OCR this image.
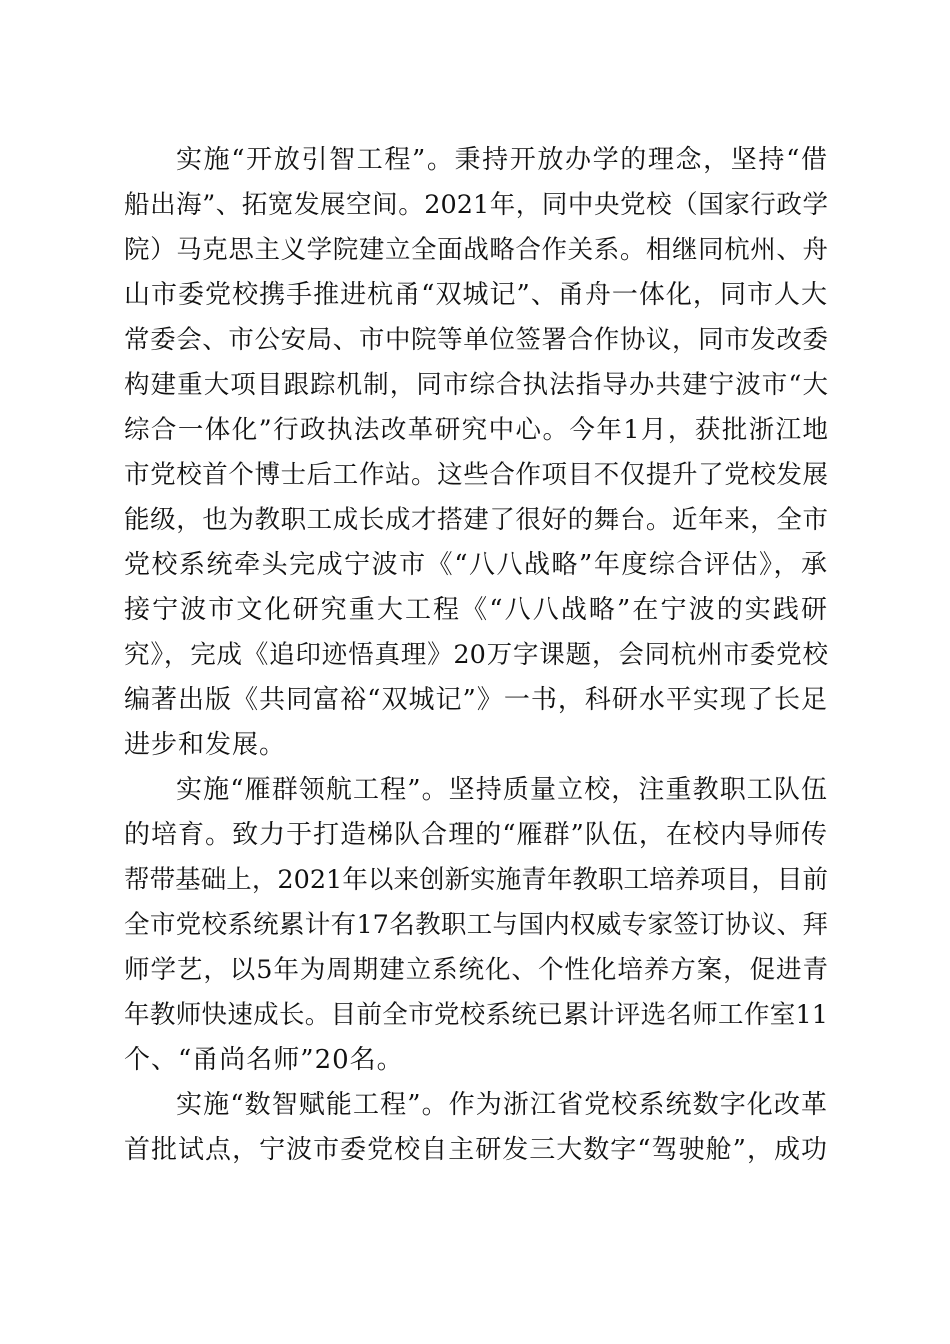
实施“开放引智工程”。秉持开放办学的理念，坚持“借
船出海”、拓宽发展空间。2021年，同中央党校（国家行政学
院）马克思主义学院建立全面战略合作关系。相继同杭州、舟
山市委党校携手推进杭甬“双城记”、甬舟一体化，同市人大
常委会、市公安局、市中院等单位签署合作协议，同市发改委
构建重大项目跟踪机制，同市综合执法指导办共建宁波市“大
综合一体化”行政执法改革研究中心。今年1月，获批浙江地
市党校首个博士后工作站。这些合作项目不仅提升了党校发展
能级，也为教职工成长成才搭建了很好的舞台。近年来，全市
党校系统牵头完成宁波市《“八八战略”年度综合评估》，承
接宁波市文化研究重大工程《“八八战略”在宁波的实践研
究》，完成《追印迹悟真理》20万字课题，会同杭州市委党校
编著出版《共同富裕“双城记”》一书，科研水平实现了长足
进步和发展。
实施“雁群领航工程”。坚持质量立校，注重教职工队伍
的培育。致力于打造梯队合理的“雁群”队伍，在校内导师传
帮带基础上，2021年以来创新实施青年教职工培养项目，目前
全市党校系统累计有17名教职工与国内权威专家签订协议、拜
师学艺，以5年为周期建立系统化、个性化培养方案，促进青
年教师快速成长。目前全市党校系统已累计评选名师工作室11
个、“甬尚名师”20名。
实施“数智赋能工程”。作为浙江省党校系统数字化改革
首批试点，宁波市委党校自主研发三大数字“驾驶舱”，成功
